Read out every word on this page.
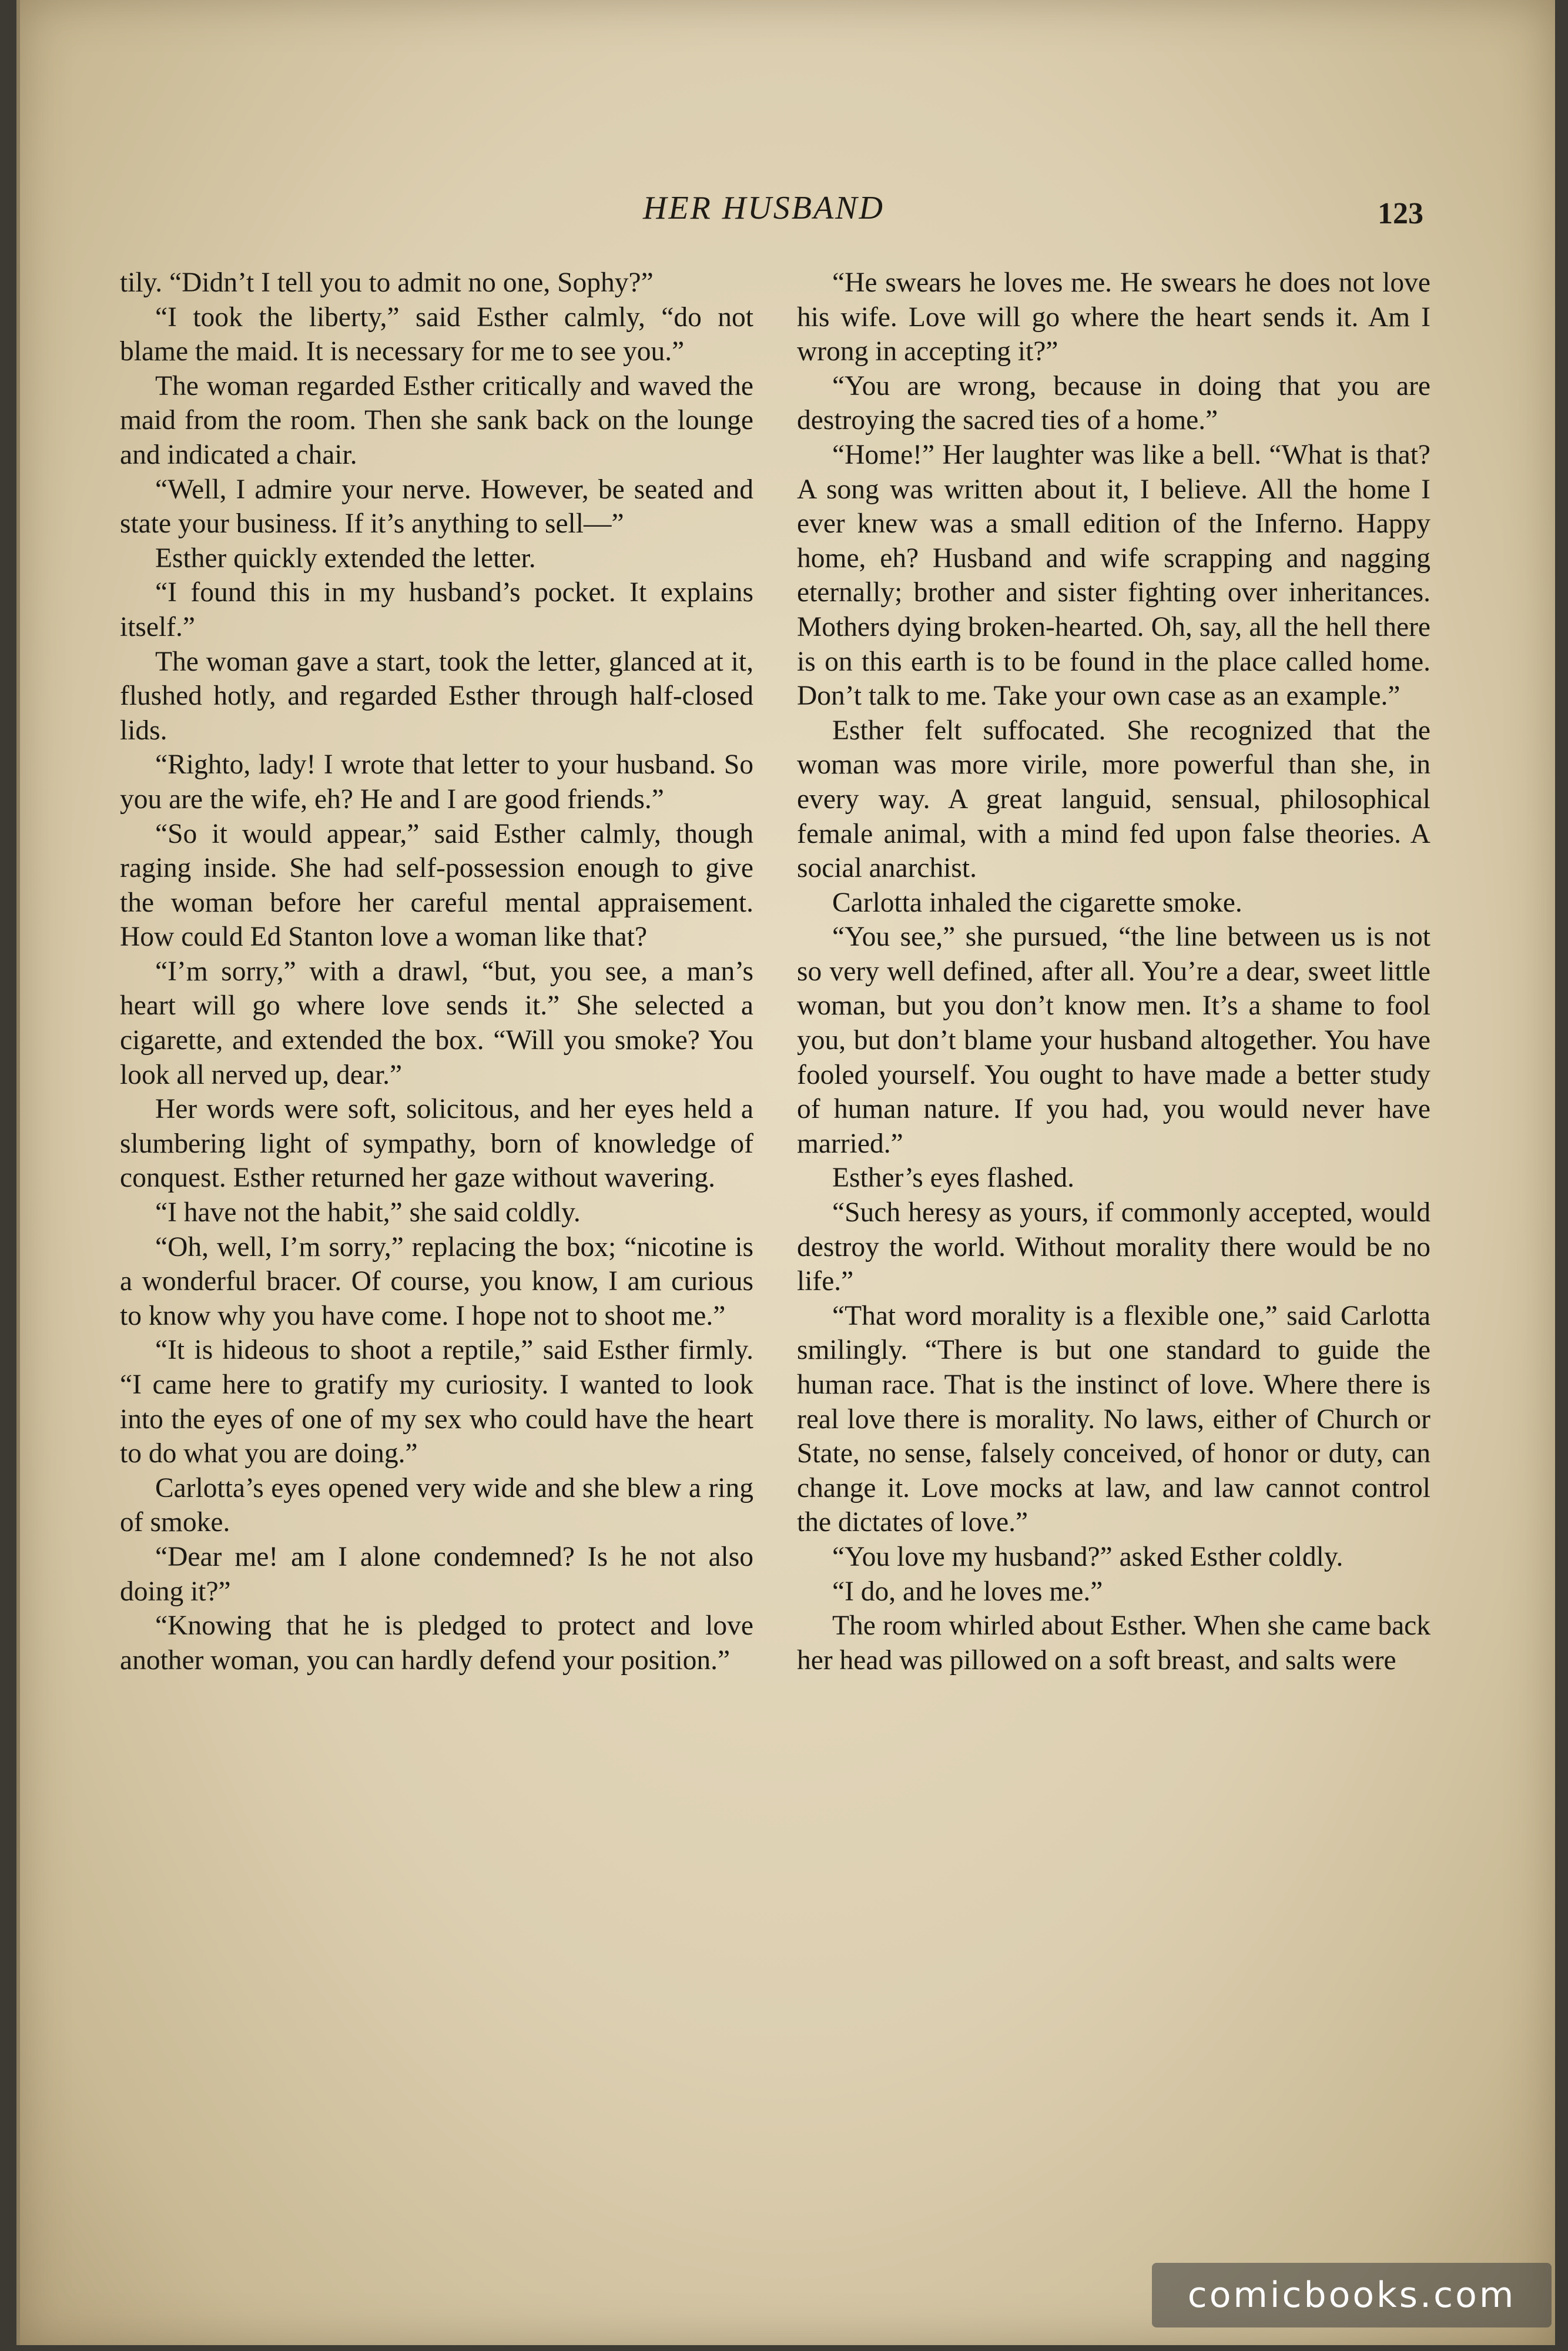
HER HUSBAND	123

tily. “Didn’t I tell you to admit no one, Sophy?”

“I took the liberty,” said Esther calmly, “do not blame the maid. It is necessary for me to see you.”

The woman regarded Esther critically and waved the maid from the room. Then she sank back on the lounge and indicated a chair.

“Well, I admire your nerve. However, be seated and state your business. If it’s anything to sell—”

Esther quickly extended the letter.

“I found this in my husband’s pocket. It explains itself.”

The woman gave a start, took the letter, glanced at it, flushed hotly, and regarded Esther through half-closed lids.

“Righto, lady! I wrote that letter to your husband. So you are the wife, eh? He and I are good friends.”

“So it would appear,” said Esther calmly, though raging inside. She had self-possession enough to give the woman before her careful mental appraisement. How could Ed Stanton love a woman like that?

“I’m sorry,” with a drawl, “but, you see, a man’s heart will go where love sends it.” She selected a cigarette, and extended the box. “Will you smoke? You look all nerved up, dear.”

Her words were soft, solicitous, and her eyes held a slumbering light of sympathy, born of knowledge of conquest. Esther returned her gaze without wavering.

“I have not the habit,” she said coldly.

“Oh, well, I’m sorry,” replacing the box; “nicotine is a wonderful bracer. Of course, you know, I am curious to know why you have come. I hope not to shoot me.”

“It is hideous to shoot a reptile,” said Esther firmly. “I came here to gratify my curiosity. I wanted to look into the eyes of one of my sex who could have the heart to do what you are doing.”

Carlotta’s eyes opened very wide and she blew a ring of smoke.

“Dear me! am I alone condemned? Is he not also doing it?”

“Knowing that he is pledged to protect and love another woman, you can hardly defend your position.”

“He swears he loves me. He swears he does not love his wife. Love will go where the heart sends it. Am I wrong in accepting it?”

“You are wrong, because in doing that you are destroying the sacred ties of a home.”

“Home!” Her laughter was like a bell. “What is that? A song was written about it, I believe. All the home I ever knew was a small edition of the Inferno. Happy home, eh? Husband and wife scrapping and nagging eternally; brother and sister fighting over inheritances. Mothers dying broken-hearted. Oh, say, all the hell there is on this earth is to be found in the place called home. Don’t talk to me. Take your own case as an example.”

Esther felt suffocated. She recognized that the woman was more virile, more powerful than she, in every way. A great languid, sensual, philosophical female animal, with a mind fed upon false theories. A social anarchist.

Carlotta inhaled the cigarette smoke.

“You see,” she pursued, “the line between us is not so very well defined, after all. You’re a dear, sweet little woman, but you don’t know men. It’s a shame to fool you, but don’t blame your husband altogether. You have fooled yourself. You ought to have made a better study of human nature. If you had, you would never have married.”

Esther’s eyes flashed.

“Such heresy as yours, if commonly accepted, would destroy the world. Without morality there would be no life.”

“That word morality is a flexible one,” said Carlotta smilingly. “There is but one standard to guide the human race. That is the instinct of love. Where there is real love there is morality. No laws, either of Church or State, no sense, falsely conceived, of honor or duty, can change it. Love mocks at law, and law cannot control the dictates of love.”

“You love my husband?” asked Esther coldly.

“I do, and he loves me.”

The room whirled about Esther. When she came back her head was pillowed on a soft breast, and salts were

comicbooks.com
